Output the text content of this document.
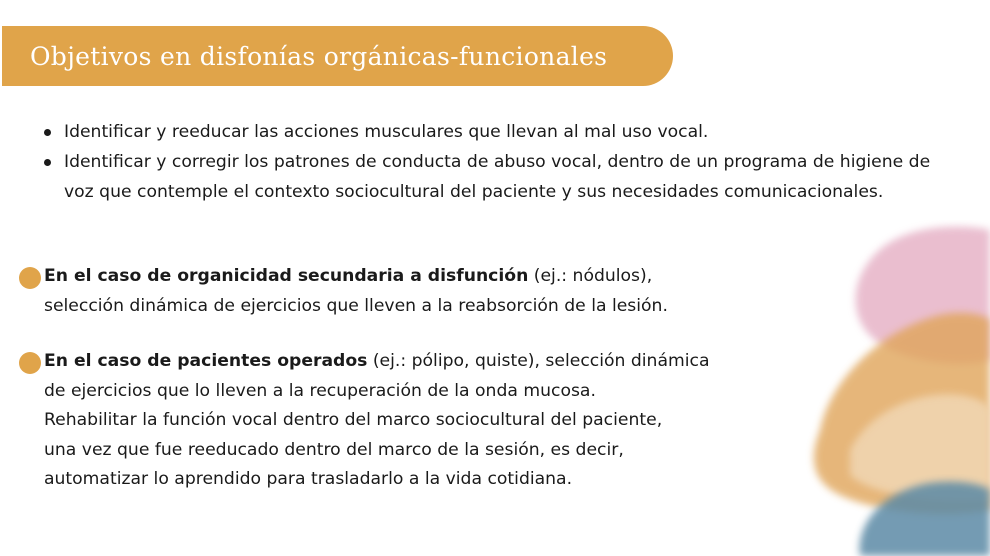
Objetivos en disfonías orgánicas-funcionales
Identificar y reeducar las acciones musculares que llevan al mal uso vocal.
Identificar y corregir los patrones de conducta de abuso vocal, dentro de un programa de higiene de voz que contemple el contexto sociocultural del paciente y sus necesidades comunicacionales.
En el caso de organicidad secundaria a disfunción (ej.: nódulos),
selección dinámica de ejercicios que lleven a la reabsorción de la lesión.
En el caso de pacientes operados (ej.: pólipo, quiste), selección dinámica
de ejercicios que lo lleven a la recuperación de la onda mucosa.
Rehabilitar la función vocal dentro del marco sociocultural del paciente,
una vez que fue reeducado dentro del marco de la sesión, es decir,
automatizar lo aprendido para trasladarlo a la vida cotidiana.
